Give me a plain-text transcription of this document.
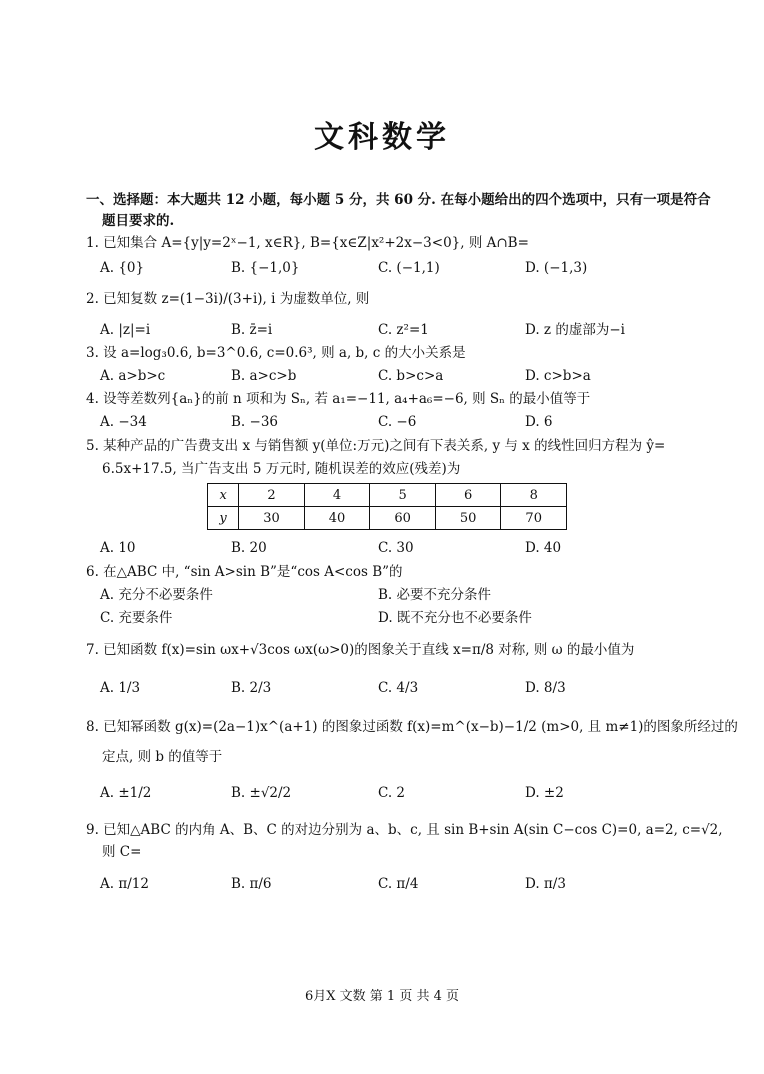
文科数学
一、选择题：本大题共 12 小题，每小题 5 分，共 60 分. 在每小题给出的四个选项中，只有一项是符合
题目要求的.
1. 已知集合 A={y|y=2ˣ−1, x∈R}, B={x∈Z|x²+2x−3<0}, 则 A∩B=
A. {0}	B. {−1,0}	C. (−1,1)	D. (−1,3)
2. 已知复数 z=(1−3i)/(3+i), i 为虚数单位, 则
A. |z|=i	B. z̄=i	C. z²=1	D. z 的虚部为−i
3. 设 a=log₃0.6, b=3^0.6, c=0.6³, 则 a, b, c 的大小关系是
A. a>b>c	B. a>c>b	C. b>c>a	D. c>b>a
4. 设等差数列{aₙ}的前 n 项和为 Sₙ, 若 a₁=−11, a₄+a₆=−6, 则 Sₙ 的最小值等于
A. −34	B. −36	C. −6	D. 6
5. 某种产品的广告费支出 x 与销售额 y(单位:万元)之间有下表关系, y 与 x 的线性回归方程为 ŷ=
6.5x+17.5, 当广告支出 5 万元时, 随机误差的效应(残差)为
x	2	4	5	6	8
y	30	40	60	50	70
A. 10	B. 20	C. 30	D. 40
6. 在△ABC 中, “sin A>sin B”是“cos A<cos B”的
A. 充分不必要条件	B. 必要不充分条件
C. 充要条件	D. 既不充分也不必要条件
7. 已知函数 f(x)=sin ωx+√3cos ωx(ω>0)的图象关于直线 x=π/8 对称, 则 ω 的最小值为
A. 1/3	B. 2/3	C. 4/3	D. 8/3
8. 已知幂函数 g(x)=(2a−1)x^(a+1) 的图象过函数 f(x)=m^(x−b)−1/2 (m>0, 且 m≠1)的图象所经过的
定点, 则 b 的值等于
A. ±1/2	B. ±√2/2	C. 2	D. ±2
9. 已知△ABC 的内角 A、B、C 的对边分别为 a、b、c, 且 sin B+sin A(sin C−cos C)=0, a=2, c=√2,
则 C=
A. π/12	B. π/6	C. π/4	D. π/3
6月X 文数 第 1 页 共 4 页
